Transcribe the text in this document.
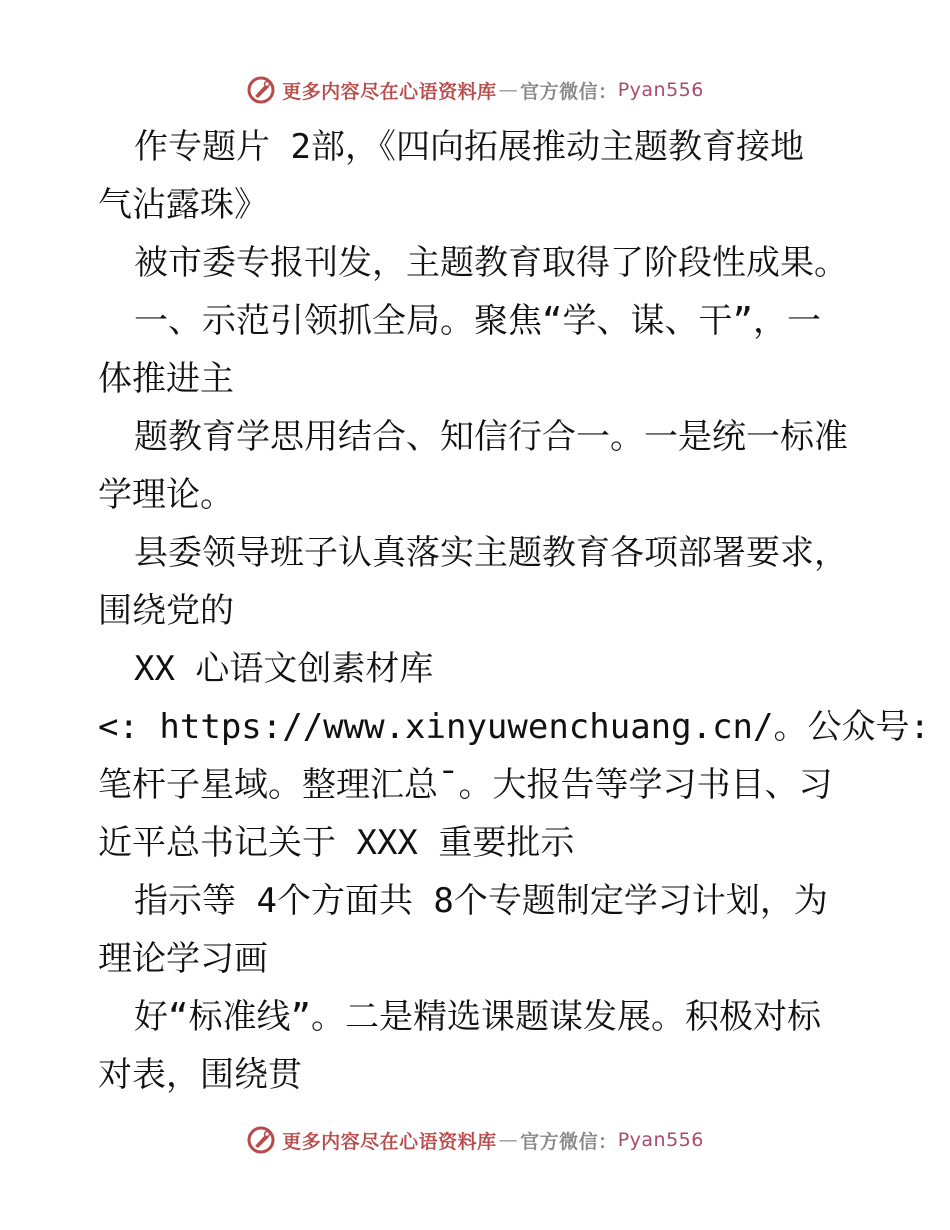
更多内容尽在心语资料库 — 官方微信： Pyan556
作专题片 2部，《四向拓展推动主题教育接地
气沾露珠》
被市委专报刊发，主题教育取得了阶段性成果。
一、示范引领抓全局。聚焦“学、谋、干”，一
体推进主
题教育学思用结合、知信行合一。一是统一标准
学理论。
县委领导班子认真落实主题教育各项部署要求，
围绕党的
XX 心语文创素材库
<: https://www.xinyuwenchuang.cn/。公众号:
笔杆子星域。整理汇总¯。大报告等学习书目、习
近平总书记关于 XXX 重要批示
指示等 4个方面共 8个专题制定学习计划，为
理论学习画
好“标准线”。二是精选课题谋发展。积极对标
对表，围绕贯
更多内容尽在心语资料库 — 官方微信： Pyan556
